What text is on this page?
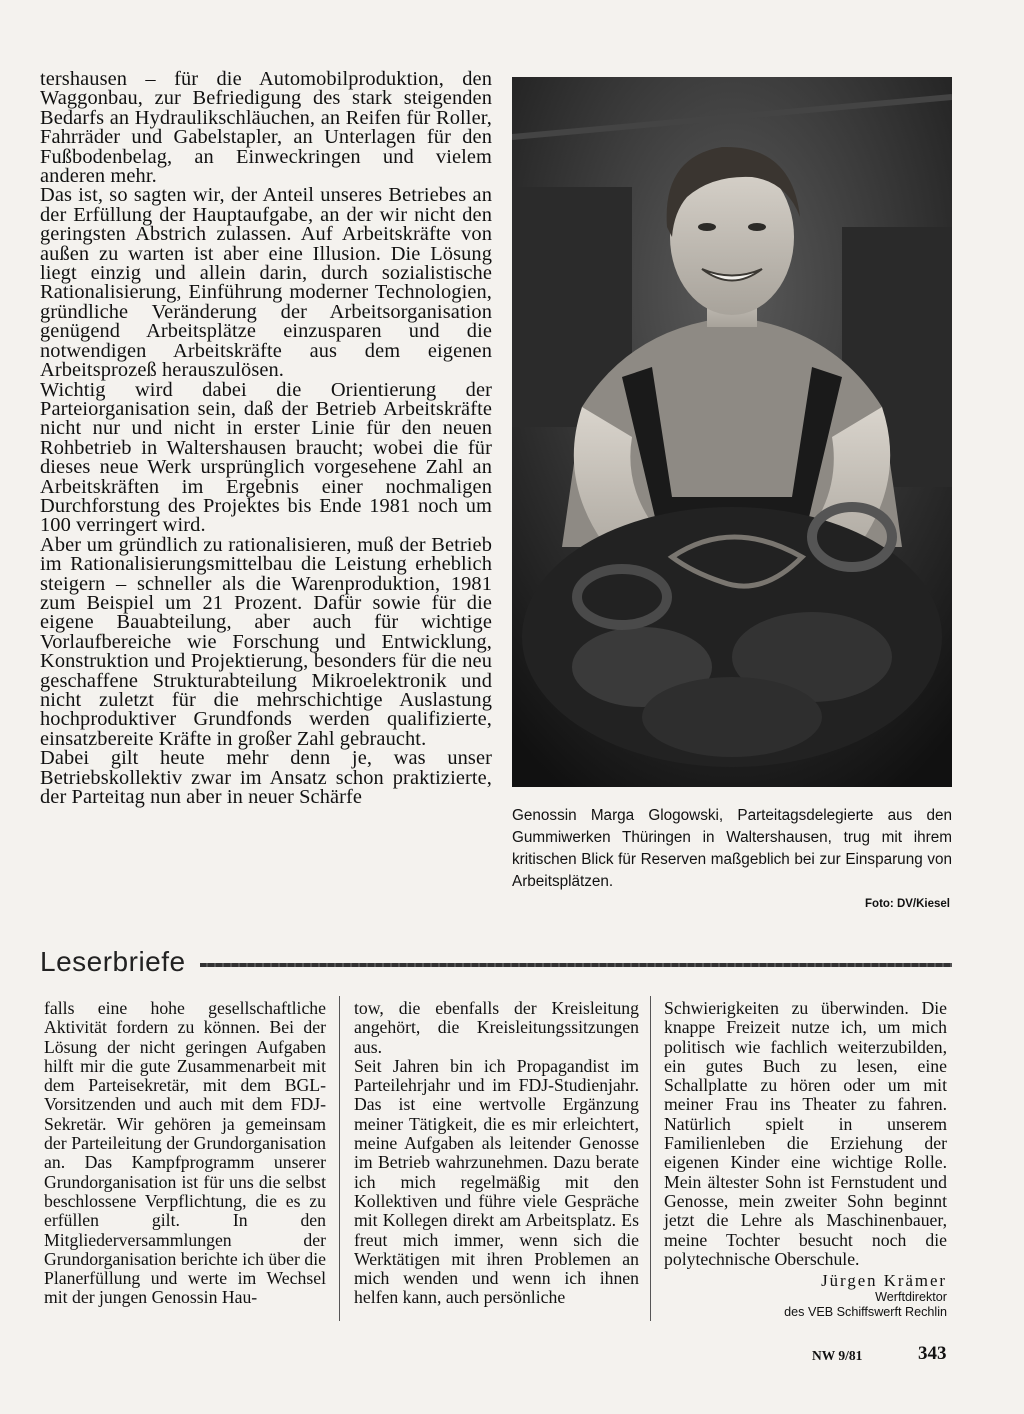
tershausen – für die Automobilproduktion, den Waggonbau, zur Befriedigung des stark steigenden Bedarfs an Hydraulikschläuchen, an Reifen für Roller, Fahrräder und Gabelstapler, an Unterlagen für den Fußbodenbelag, an Einweckringen und vielem anderen mehr.

Das ist, so sagten wir, der Anteil unseres Betriebes an der Erfüllung der Hauptaufgabe, an der wir nicht den geringsten Abstrich zulassen. Auf Arbeitskräfte von außen zu warten ist aber eine Illusion. Die Lösung liegt einzig und allein darin, durch sozialistische Rationalisierung, Einführung moderner Technologien, gründliche Veränderung der Arbeitsorganisation genügend Arbeitsplätze einzusparen und die notwendigen Arbeitskräfte aus dem eigenen Arbeitsprozeß herauszulösen.

Wichtig wird dabei die Orientierung der Parteiorganisation sein, daß der Betrieb Arbeitskräfte nicht nur und nicht in erster Linie für den neuen Rohbetrieb in Waltershausen braucht; wobei die für dieses neue Werk ursprünglich vorgesehene Zahl an Arbeitskräften im Ergebnis einer nochmaligen Durchforstung des Projektes bis Ende 1981 noch um 100 verringert wird.

Aber um gründlich zu rationalisieren, muß der Betrieb im Rationalisierungsmittelbau die Leistung erheblich steigern – schneller als die Warenproduktion, 1981 zum Beispiel um 21 Prozent. Dafür sowie für die eigene Bauabteilung, aber auch für wichtige Vorlaufbereiche wie Forschung und Entwicklung, Konstruktion und Projektierung, besonders für die neu geschaffene Strukturabteilung Mikroelektronik und nicht zuletzt für die mehrschichtige Auslastung hochproduktiver Grundfonds werden qualifizierte, einsatzbereite Kräfte in großer Zahl gebraucht.

Dabei gilt heute mehr denn je, was unser Betriebskollektiv zwar im Ansatz schon praktizierte, der Parteitag nun aber in neuer Schärfe

Genossin Marga Glogowski, Parteitagsdelegierte aus den Gummiwerken Thüringen in Waltershausen, trug mit ihrem kritischen Blick für Reserven maßgeblich bei zur Einsparung von Arbeitsplätzen.
Foto: DV/Kiesel
Leserbriefe

falls eine hohe gesellschaftliche Aktivität fordern zu können. Bei der Lösung der nicht geringen Aufgaben hilft mir die gute Zusammenarbeit mit dem Parteisekretär, mit dem BGL-Vorsitzenden und auch mit dem FDJ-Sekretär. Wir gehören ja gemeinsam der Parteileitung der Grundorganisation an. Das Kampfprogramm unserer Grundorganisation ist für uns die selbst beschlossene Verpflichtung, die es zu erfüllen gilt. In den Mitgliederversammlungen der Grundorganisation berichte ich über die Planerfüllung und werte im Wechsel mit der jungen Genossin Hau-

tow, die ebenfalls der Kreisleitung angehört, die Kreisleitungssitzungen aus.

Seit Jahren bin ich Propagandist im Parteilehrjahr und im FDJ-Studienjahr. Das ist eine wertvolle Ergänzung meiner Tätigkeit, die es mir erleichtert, meine Aufgaben als leitender Genosse im Betrieb wahrzunehmen. Dazu berate ich mich regelmäßig mit den Kollektiven und führe viele Gespräche mit Kollegen direkt am Arbeitsplatz. Es freut mich immer, wenn sich die Werktätigen mit ihren Problemen an mich wenden und wenn ich ihnen helfen kann, auch persönliche

Schwierigkeiten zu überwinden. Die knappe Freizeit nutze ich, um mich politisch wie fachlich weiterzubilden, ein gutes Buch zu lesen, eine Schallplatte zu hören oder um mit meiner Frau ins Theater zu fahren. Natürlich spielt in unserem Familienleben die Erziehung der eigenen Kinder eine wichtige Rolle. Mein ältester Sohn ist Fernstudent und Genosse, mein zweiter Sohn beginnt jetzt die Lehre als Maschinenbauer, meine Tochter besucht noch die polytechnische Oberschule.

Jürgen Krämer
Werftdirektor
des VEB Schiffswerft Rechlin
NW 9/81	343
